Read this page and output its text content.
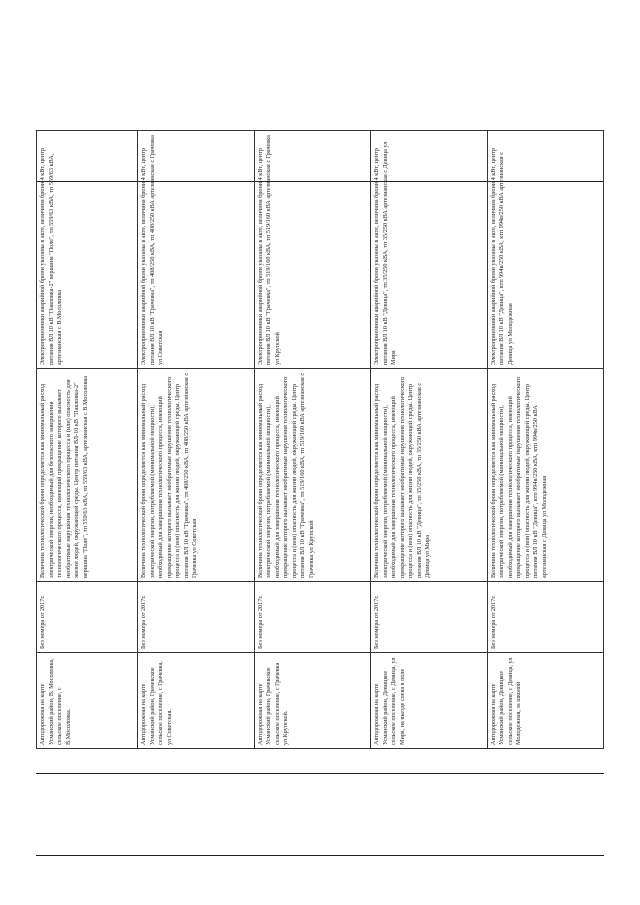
Автодорожная на карте Усманский район, В. Мосоловка, сельское поселение, с В.Мосоловка.	Без номера от 2017г.	Величина технологической брони определяется как минимальный расход электрической энергии, необходимый для безопасного завершения технологического процесса, имеющий прекращение которого вызывает необратимые нарушения технологического процесса и (или) опасность для жизни людей, окружающей среды. Центр питания ВЛ-10 кВ "Павловка-2" вершина "Поле", тп 559/63 кВА, тп 559/63 кВА, артезианская с В.Мосоловка	Электроприемники аварийной брони указаны в акте, величина брони 4 кВт, центр питания ВЛ 10 кВ "Павловка-2" вершина "Поле", тп 559/63 кВА, тп 559/63 кВА, артезианская с В.Мосоловка
Автодорожная на карте Усманский район, Грачевское сельское поселение, с Грачевка, ул Советская.	Без номера от 2017г.	Величина технологической брони определяется как минимальный расход электрической энергии, потребляемой (минимальной мощности), необходимый для завершения технологического процесса, имеющий прекращение которого вызывает необратимые нарушения технологического процесса и (или) опасность для жизни людей, окружающей среды. Центр питания ВЛ 10 кВ "Грачевка", тп 408/250 кВА, тп 408/250 кВА артезианская с Грачевка ул Советская	Электроприемники аварийной брони указаны в акте, величина брони 4 кВт, центр питания ВЛ 10 кВ "Грачевка", тп 408/250 кВА, тп 408/250 кВА артезианская с Грачевка ул Советская
Автодорожная на карте Усманский район, Грачевское сельское поселение, с Грачевка ул Крупской.	Без номера от 2017г.	Величина технологической брони определяется как минимальный расход электрической энергии, потребляемой (минимальной мощности), необходимый для завершения технологического процесса, имеющий прекращение которого вызывает необратимые нарушения технологического процесса и (или) опасность для жизни людей, окружающей среды. Центр питания ВЛ 10 кВ "Грачевка", тп 519/160 кВА, тп 519/160 кВА артезианская с Грачевка ул Крупской	Электроприемники аварийной брони указаны в акте, величина брони 4 кВт, центр питания ВЛ 10 кВ "Грачевка", тп 519/160 кВА, тп 519/160 кВА артезианская с Грачевка ул Крупской
Автодорожная на карте Усманский район, Девицкое сельское поселение, с Девица, ул Мира, на въезде слева в поле	Без номера от 2017г.	Величина технологической брони определяется как минимальный расход электрической энергии, потребляемой (минимальной мощности), необходимый для завершения технологического процесса, имеющий прекращение которого вызывает необратимые нарушения технологического процесса и (или) опасность для жизни людей, окружающей среды. Центр питания ВЛ 10 кВ "Девица", тп 35/250 кВА, тп 35/250 кВА артезианская с Девица ул Мира	Электроприемники аварийной брони указаны в акте, величина брони 4 кВт, центр питания ВЛ 10 кВ "Девица", тп 35/250 кВА, тп 35/250 кВА артезианская с Девица ул Мира
Автодорожная на карте Усманский район, Девицкое сельское поселение, с Девица, ул Молодежная, за школой	Без номера от 2017г.	Величина технологической брони определяется как минимальный расход электрической энергии, потребляемой (минимальной мощности), необходимый для завершения технологического процесса, имеющий прекращение которого вызывает необратимые нарушения технологического процесса и (или) опасность для жизни людей, окружающей среды. Центр питания ВЛ 10 кВ "Девица", ктп 994в/250 кВА, ктп 994в/250 кВА артезианская с Девица ул Молодежная	Электроприемники аварийной брони указаны в акте, величина брони 4 кВт, центр питания ВЛ 10 кВ "Девица", ктп 994в/250 кВА, ктп 994в/250 кВА артезианская с Девица ул Молодежная
